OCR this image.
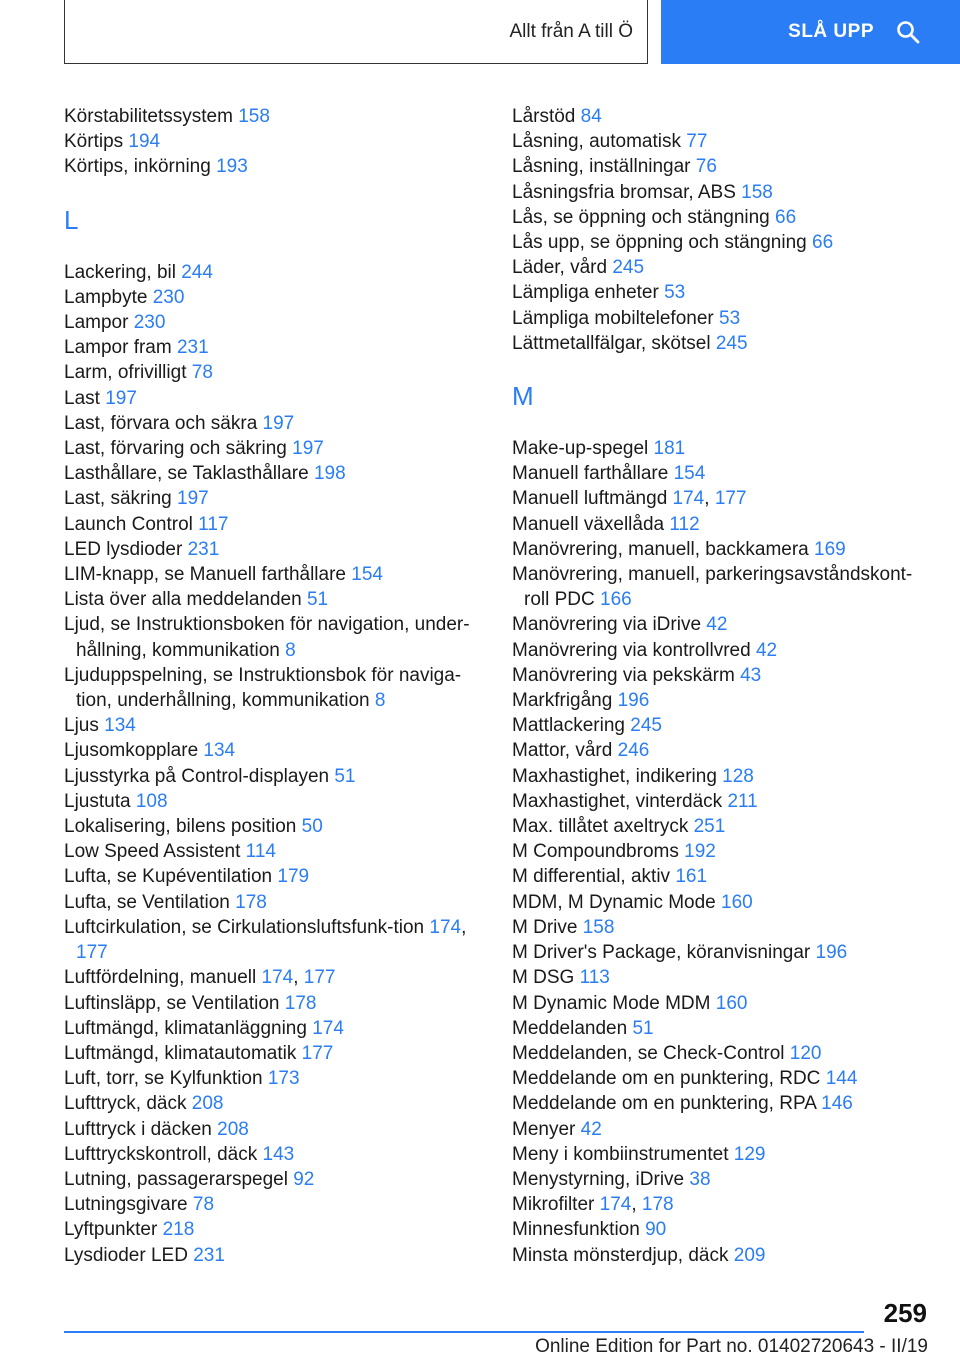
Allt från A till Ö	SLÅ UPP
Körstabilitetssystem 158
Körtips 194
Körtips, inkörning 193
L
Lackering, bil 244
Lampbyte 230
Lampor 230
Lampor fram 231
Larm, ofrivilligt 78
Last 197
Last, förvara och säkra 197
Last, förvaring och säkring 197
Lasthållare, se Taklasthållare 198
Last, säkring 197
Launch Control 117
LED lysdioder 231
LIM-knapp, se Manuell farthållare 154
Lista över alla meddelanden 51
Ljud, se Instruktionsboken för navigation, under-hållning, kommunikation 8
Ljuduppspelning, se Instruktionsbok för naviga-tion, underhållning, kommunikation 8
Ljus 134
Ljusomkopplare 134
Ljusstyrka på Control-displayen 51
Ljustuta 108
Lokalisering, bilens position 50
Low Speed Assistent 114
Lufta, se Kupéventilation 179
Lufta, se Ventilation 178
Luftcirkulation, se Cirkulationsluftsfunk-tion 174, 177
Luftfördelning, manuell 174, 177
Luftinsläpp, se Ventilation 178
Luftmängd, klimatanläggning 174
Luftmängd, klimatautomatik 177
Luft, torr, se Kylfunktion 173
Lufttryck, däck 208
Lufttryck i däcken 208
Lufttryckskontroll, däck 143
Lutning, passagerarspegel 92
Lutningsgivare 78
Lyftpunkter 218
Lysdioder LED 231
Lårstöd 84
Låsning, automatisk 77
Låsning, inställningar 76
Låsningsfria bromsar, ABS 158
Lås, se öppning och stängning 66
Lås upp, se öppning och stängning 66
Läder, vård 245
Lämpliga enheter 53
Lämpliga mobiltelefoner 53
Lättmetallfälgar, skötsel 245
M
Make-up-spegel 181
Manuell farthållare 154
Manuell luftmängd 174, 177
Manuell växellåda 112
Manövrering, manuell, backkamera 169
Manövrering, manuell, parkeringsavståndskont-roll PDC 166
Manövrering via iDrive 42
Manövrering via kontrollvred 42
Manövrering via pekskärm 43
Markfrigång 196
Mattlackering 245
Mattor, vård 246
Maxhastighet, indikering 128
Maxhastighet, vinterdäck 211
Max. tillåtet axeltryck 251
M Compoundbroms 192
M differential, aktiv 161
MDM, M Dynamic Mode 160
M Drive 158
M Driver's Package, köranvisningar 196
M DSG 113
M Dynamic Mode MDM 160
Meddelanden 51
Meddelanden, se Check-Control 120
Meddelande om en punktering, RDC 144
Meddelande om en punktering, RPA 146
Menyer 42
Meny i kombiinstrumentet 129
Menystyrning, iDrive 38
Mikrofilter 174, 178
Minnesfunktion 90
Minsta mönsterdjup, däck 209
259
Online Edition for Part no. 01402720643 - II/19
